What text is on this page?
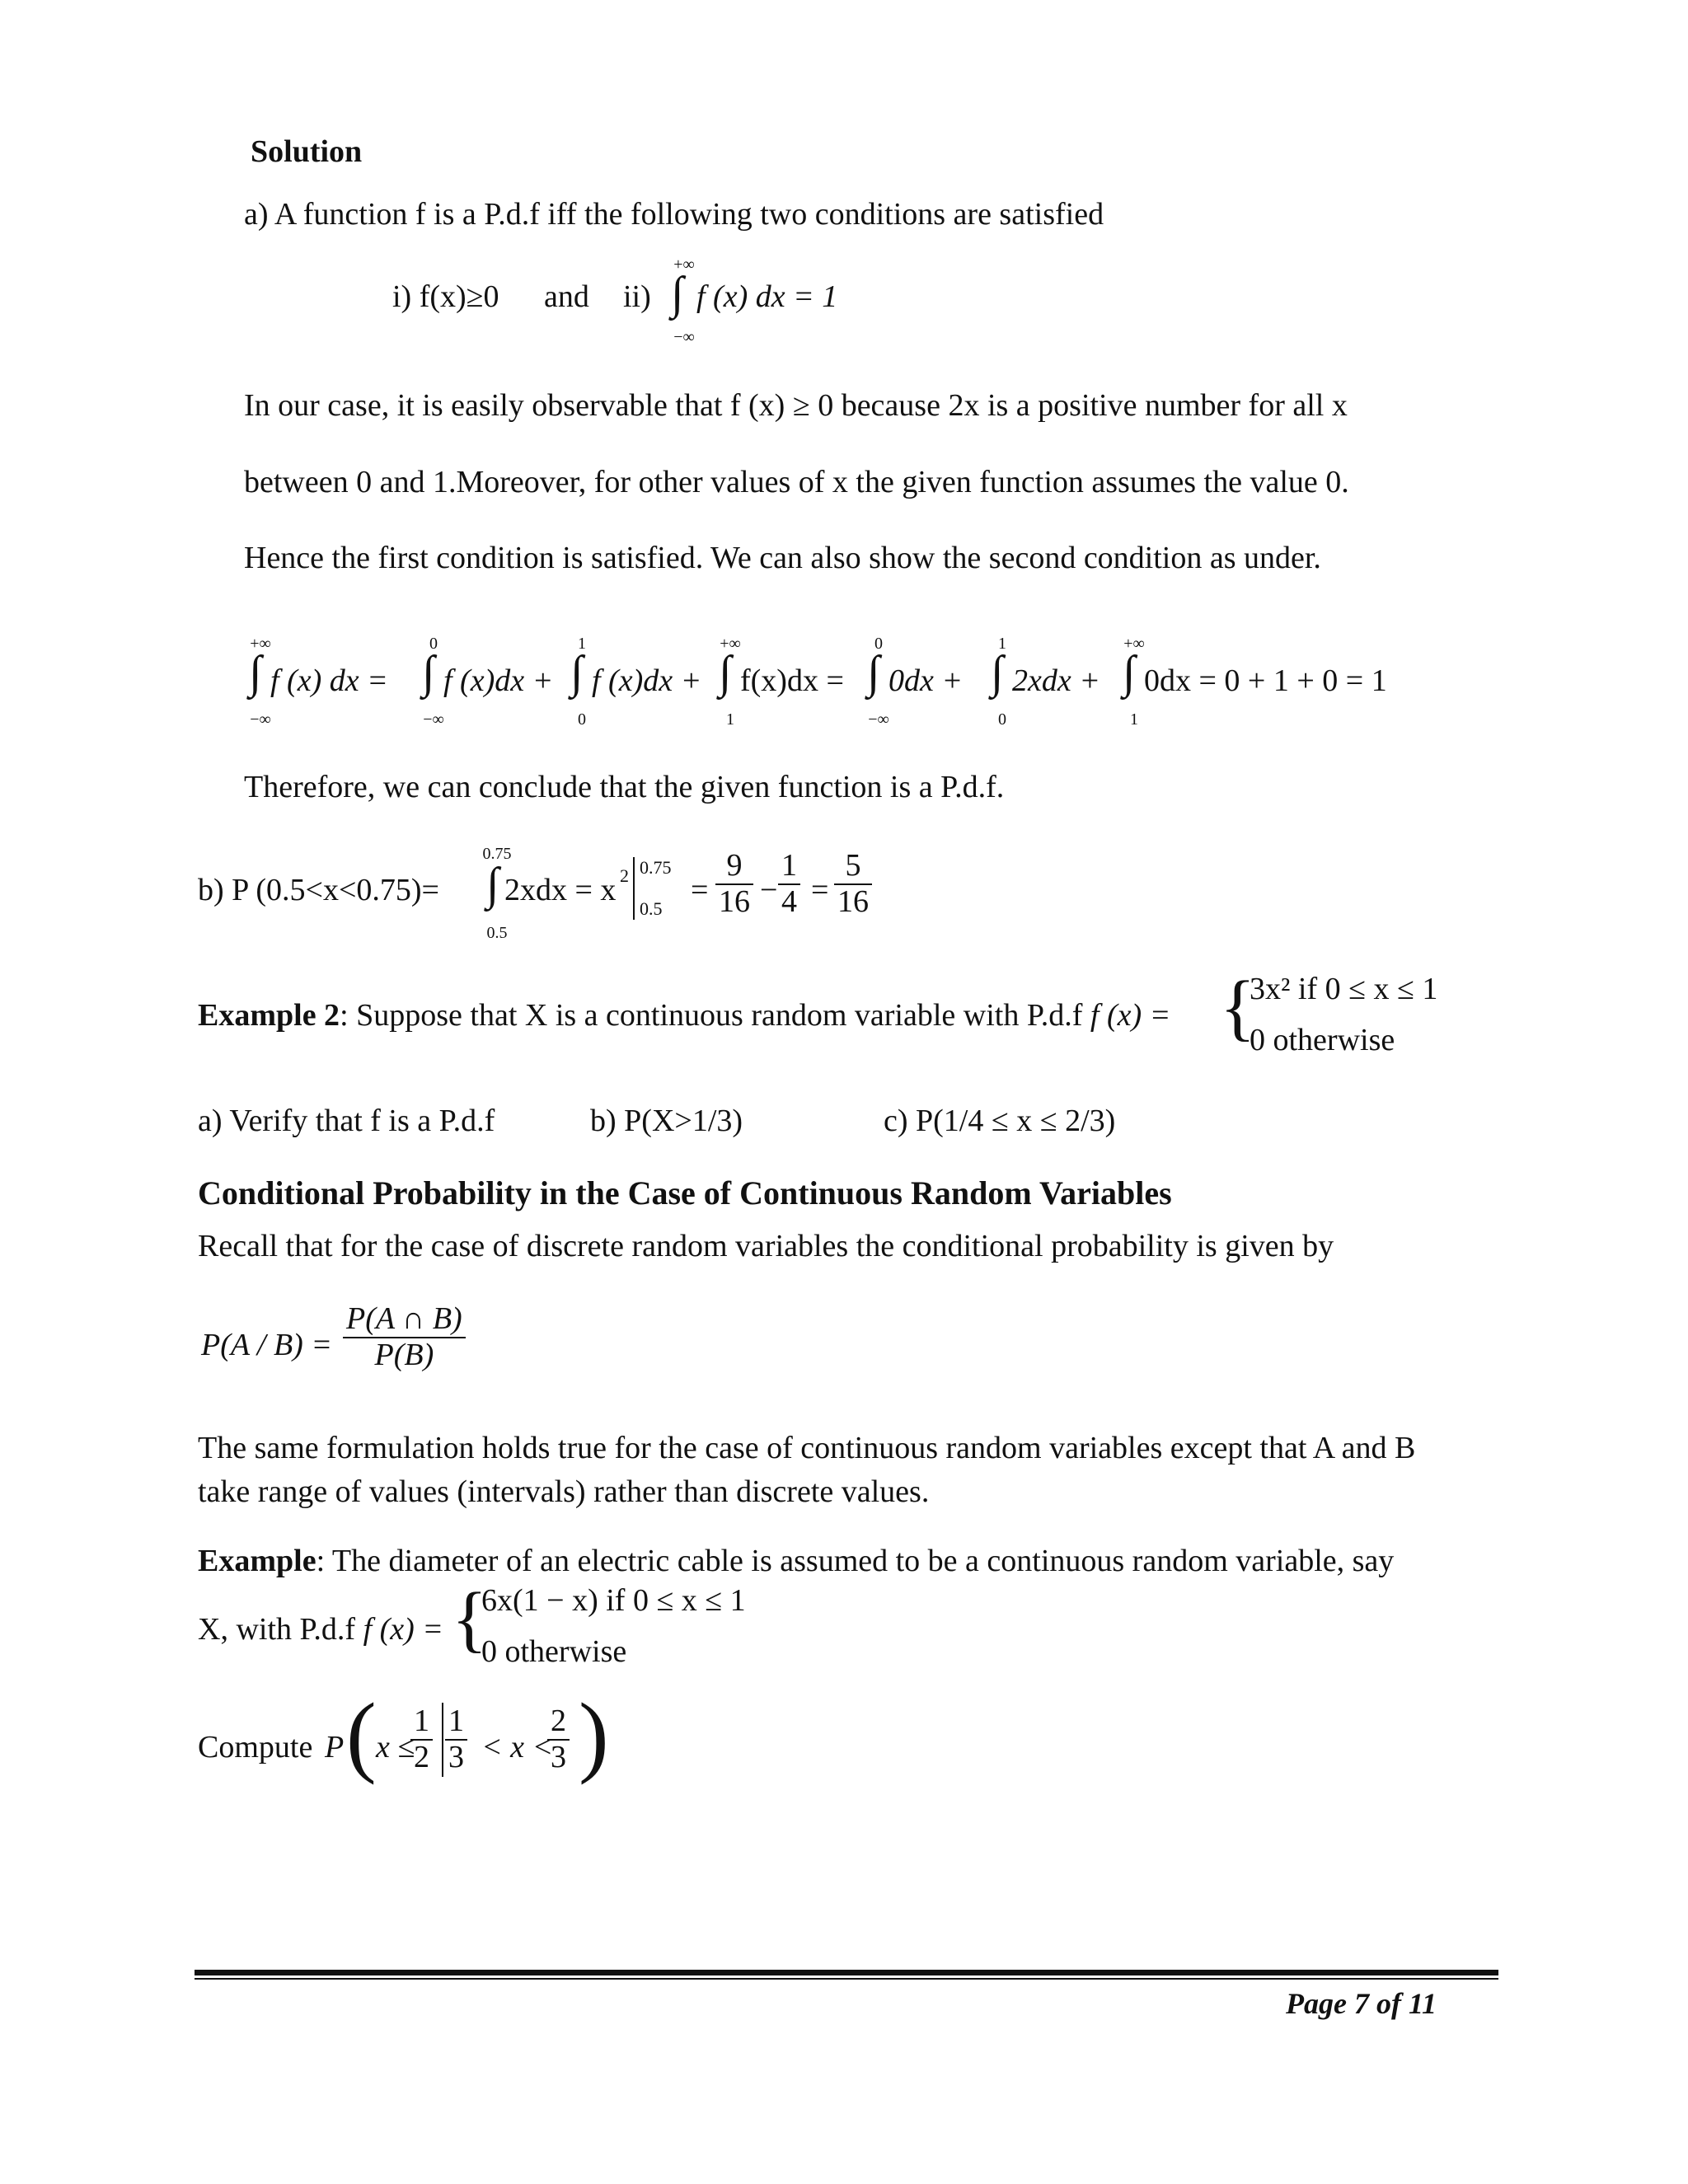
Solution
a) A function f is a P.d.f iff the following two conditions are satisfied
i) f(x)≥0 and ii)
+∞
∫
−∞
f (x) dx = 1
In our case, it is easily observable that f (x) ≥ 0 because 2x is a positive number for all x
between 0 and 1.Moreover, for other values of x the given function assumes the value 0.
Hence the first condition is satisfied. We can also show the second condition as under.
+∞
∫
−∞
f (x) dx =
0
∫
−∞
f (x)dx +
1
∫
0
f (x)dx +
+∞
∫
1
f(x)dx =
0
∫
−∞
0dx +
1
∫
0
2xdx +
+∞
∫
1
0dx = 0 + 1 + 0 = 1
Therefore, we can conclude that the given function is a P.d.f.
b) P (0.5<x<0.75)=
0.75
∫
0.5
2xdx = x 2 0.75
0.5
= $\frac{9}{16} - \frac{1}{4} = \frac{5}{16}$
Example 2: Suppose that X is a continuous random variable with P.d.f f (x) = {
3x² if 0 ≤ x ≤ 1
0 otherwise
a) Verify that f is a P.d.f	b) P(X>1/3)	c) P(1/4 ≤ x ≤ 2/3)
Conditional Probability in the Case of Continuous Random Variables
Recall that for the case of discrete random variables the conditional probability is given by
$P(A / B) = \frac{P(A \cap B)}{P(B)}$
The same formulation holds true for the case of continuous random variables except that A and B
take range of values (intervals) rather than discrete values.
Example: The diameter of an electric cable is assumed to be a continuous random variable, say
X, with P.d.f f (x) = {
6x(1 − x) if 0 ≤ x ≤ 1
0 otherwise
Compute P ( x ≤
$\frac{1}{2} \frac{1}{3} < x$ <
$\frac{2}{3}$ )
Page 7 of 11
